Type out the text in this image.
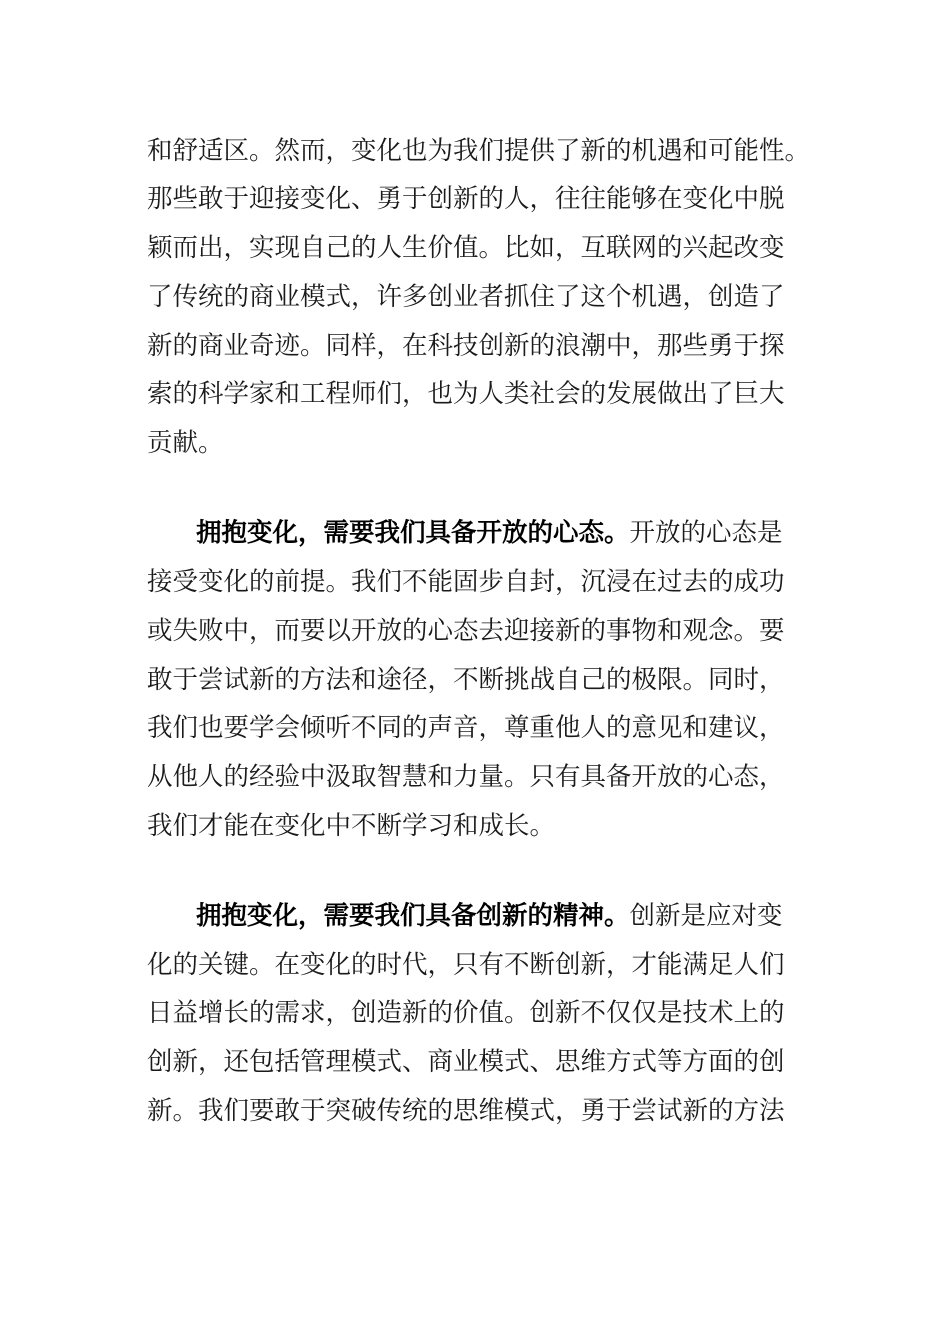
和舒适区。然而，变化也为我们提供了新的机遇和可能性。
那些敢于迎接变化、勇于创新的人，往往能够在变化中脱
颖而出，实现自己的人生价值。比如，互联网的兴起改变
了传统的商业模式，许多创业者抓住了这个机遇，创造了
新的商业奇迹。同样，在科技创新的浪潮中，那些勇于探
索的科学家和工程师们，也为人类社会的发展做出了巨大
贡献。
拥抱变化，需要我们具备开放的心态。开放的心态是
接受变化的前提。我们不能固步自封，沉浸在过去的成功
或失败中，而要以开放的心态去迎接新的事物和观念。要
敢于尝试新的方法和途径，不断挑战自己的极限。同时，
我们也要学会倾听不同的声音，尊重他人的意见和建议，
从他人的经验中汲取智慧和力量。只有具备开放的心态，
我们才能在变化中不断学习和成长。
拥抱变化，需要我们具备创新的精神。创新是应对变
化的关键。在变化的时代，只有不断创新，才能满足人们
日益增长的需求，创造新的价值。创新不仅仅是技术上的
创新，还包括管理模式、商业模式、思维方式等方面的创
新。我们要敢于突破传统的思维模式，勇于尝试新的方法
